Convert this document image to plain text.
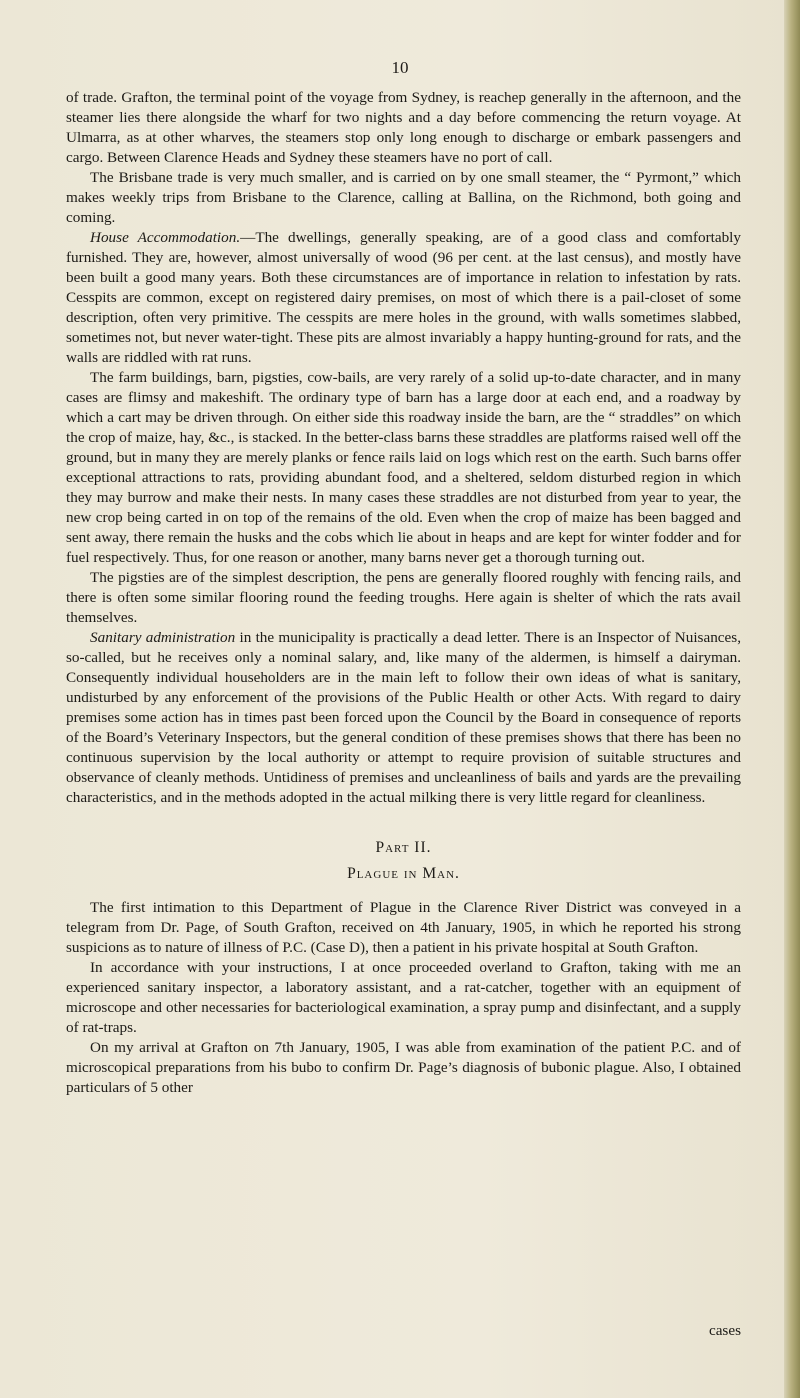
10

of trade. Grafton, the terminal point of the voyage from Sydney, is reachep generally in the afternoon, and the steamer lies there alongside the wharf for two nights and a day before commencing the return voyage. At Ulmarra, as at other wharves, the steamers stop only long enough to discharge or embark passengers and cargo. Between Clarence Heads and Sydney these steamers have no port of call.

The Brisbane trade is very much smaller, and is carried on by one small steamer, the “ Pyrmont,” which makes weekly trips from Brisbane to the Clarence, calling at Ballina, on the Richmond, both going and coming.

House Accommodation.—The dwellings, generally speaking, are of a good class and comfortably furnished. They are, however, almost universally of wood (96 per cent. at the last census), and mostly have been built a good many years. Both these circumstances are of importance in relation to infestation by rats. Cesspits are common, except on registered dairy premises, on most of which there is a pail-closet of some description, often very primitive. The cesspits are mere holes in the ground, with walls sometimes slabbed, sometimes not, but never water-tight. These pits are almost invariably a happy hunting-ground for rats, and the walls are riddled with rat runs.

The farm buildings, barn, pigsties, cow-bails, are very rarely of a solid up-to-date character, and in many cases are flimsy and makeshift. The ordinary type of barn has a large door at each end, and a roadway by which a cart may be driven through. On either side this roadway inside the barn, are the “ straddles” on which the crop of maize, hay, &c., is stacked. In the better-class barns these straddles are platforms raised well off the ground, but in many they are merely planks or fence rails laid on logs which rest on the earth. Such barns offer exceptional attractions to rats, providing abundant food, and a sheltered, seldom disturbed region in which they may burrow and make their nests. In many cases these straddles are not disturbed from year to year, the new crop being carted in on top of the remains of the old. Even when the crop of maize has been bagged and sent away, there remain the husks and the cobs which lie about in heaps and are kept for winter fodder and for fuel respectively. Thus, for one reason or another, many barns never get a thorough turning out.

The pigsties are of the simplest description, the pens are generally floored roughly with fencing rails, and there is often some similar flooring round the feeding troughs. Here again is shelter of which the rats avail themselves.

Sanitary administration in the municipality is practically a dead letter. There is an Inspector of Nuisances, so-called, but he receives only a nominal salary, and, like many of the aldermen, is himself a dairyman. Consequently individual householders are in the main left to follow their own ideas of what is sanitary, undisturbed by any enforcement of the provisions of the Public Health or other Acts. With regard to dairy premises some action has in times past been forced upon the Council by the Board in consequence of reports of the Board’s Veterinary Inspectors, but the general condition of these premises shows that there has been no continuous supervision by the local authority or attempt to require provision of suitable structures and observance of cleanly methods. Untidiness of premises and uncleanliness of bails and yards are the prevailing characteristics, and in the methods adopted in the actual milking there is very little regard for cleanliness.

Part II.
Plague in Man.

The first intimation to this Department of Plague in the Clarence River District was conveyed in a telegram from Dr. Page, of South Grafton, received on 4th January, 1905, in which he reported his strong suspicions as to nature of illness of P.C. (Case D), then a patient in his private hospital at South Grafton.

In accordance with your instructions, I at once proceeded overland to Grafton, taking with me an experienced sanitary inspector, a laboratory assistant, and a rat-catcher, together with an equipment of microscope and other necessaries for bacteriological examination, a spray pump and disinfectant, and a supply of rat-traps.

On my arrival at Grafton on 7th January, 1905, I was able from examination of the patient P.C. and of microscopical preparations from his bubo to confirm Dr. Page’s diagnosis of bubonic plague. Also, I obtained particulars of 5 other

cases
